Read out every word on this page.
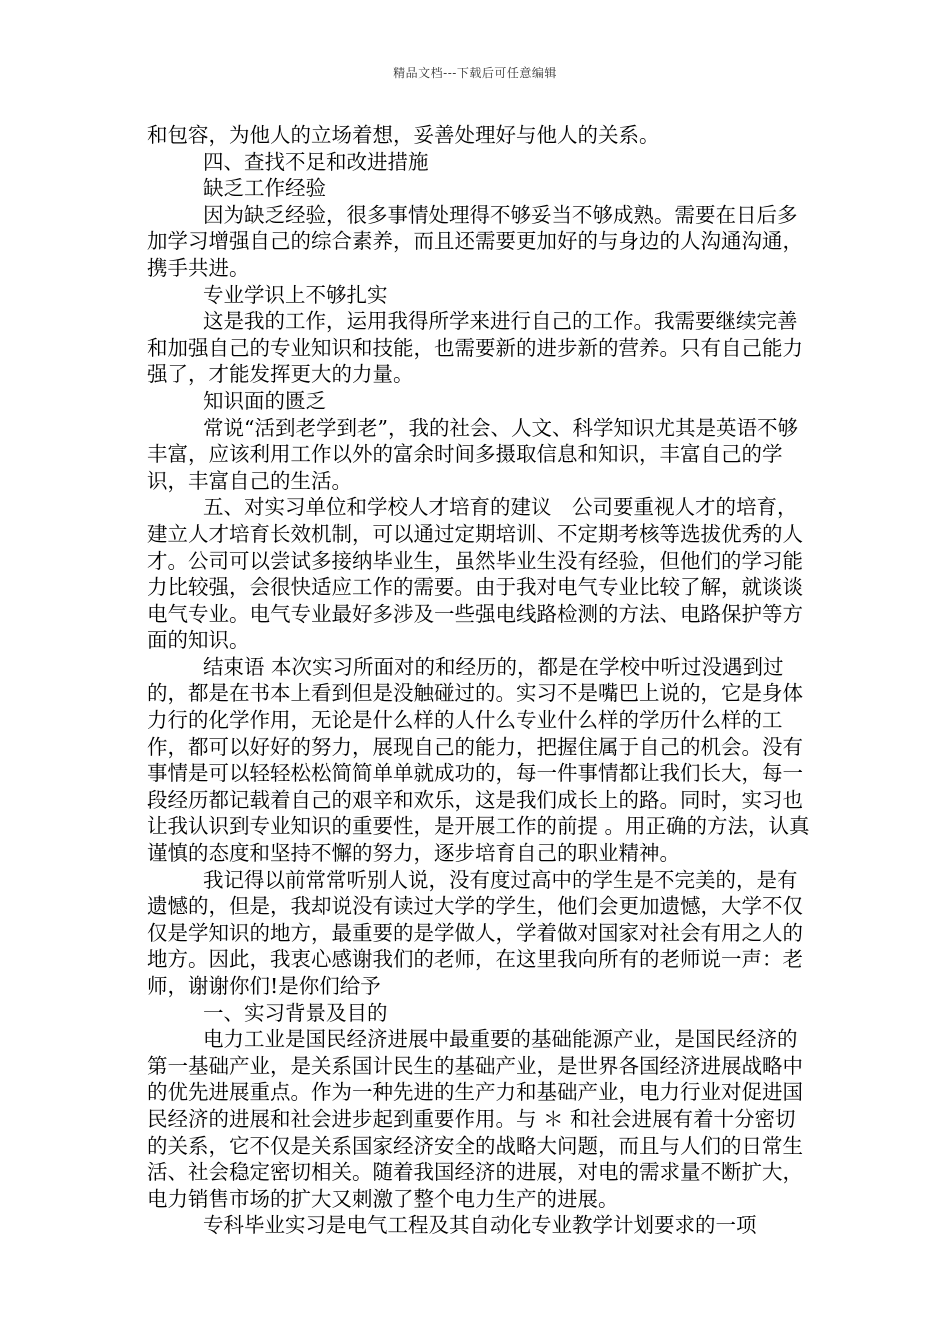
精品文档---下载后可任意编辑

和包容，为他人的立场着想，妥善处理好与他人的关系。

四、查找不足和改进措施

缺乏工作经验

因为缺乏经验，很多事情处理得不够妥当不够成熟。需要在日后多加学习增强自己的综合素养，而且还需要更加好的与身边的人沟通沟通，携手共进。

专业学识上不够扎实

这是我的工作，运用我得所学来进行自己的工作。我需要继续完善和加强自己的专业知识和技能，也需要新的进步新的营养。只有自己能力强了，才能发挥更大的力量。

知识面的匮乏

常说“活到老学到老”，我的社会、人文、科学知识尤其是英语不够丰富，应该利用工作以外的富余时间多摄取信息和知识，丰富自己的学识，丰富自己的生活。

五、对实习单位和学校人才培育的建议　公司要重视人才的培育，建立人才培育长效机制，可以通过定期培训、不定期考核等选拔优秀的人才。公司可以尝试多接纳毕业生，虽然毕业生没有经验，但他们的学习能力比较强，会很快适应工作的需要。由于我对电气专业比较了解，就谈谈电气专业。电气专业最好多涉及一些强电线路检测的方法、电路保护等方面的知识。

结束语 本次实习所面对的和经历的，都是在学校中听过没遇到过的，都是在书本上看到但是没触碰过的。实习不是嘴巴上说的，它是身体力行的化学作用，无论是什么样的人什么专业什么样的学历什么样的工作，都可以好好的努力，展现自己的能力，把握住属于自己的机会。没有事情是可以轻轻松松简简单单就成功的，每一件事情都让我们长大，每一段经历都记载着自己的艰辛和欢乐，这是我们成长上的路。同时，实习也让我认识到专业知识的重要性，是开展工作的前提 。用正确的方法，认真谨慎的态度和坚持不懈的努力，逐步培育自己的职业精神。

我记得以前常常听别人说，没有度过高中的学生是不完美的，是有遗憾的，但是，我却说没有读过大学的学生，他们会更加遗憾，大学不仅仅是学知识的地方，最重要的是学做人，学着做对国家对社会有用之人的地方。因此，我衷心感谢我们的老师，在这里我向所有的老师说一声：老师，谢谢你们!是你们给予

一、实习背景及目的

电力工业是国民经济进展中最重要的基础能源产业，是国民经济的第一基础产业，是关系国计民生的基础产业，是世界各国经济进展战略中的优先进展重点。作为一种先进的生产力和基础产业，电力行业对促进国民经济的进展和社会进步起到重要作用。与 ＊ 和社会进展有着十分密切的关系，它不仅是关系国家经济安全的战略大问题，而且与人们的日常生活、社会稳定密切相关。随着我国经济的进展，对电的需求量不断扩大，电力销售市场的扩大又刺激了整个电力生产的进展。

专科毕业实习是电气工程及其自动化专业教学计划要求的一项
